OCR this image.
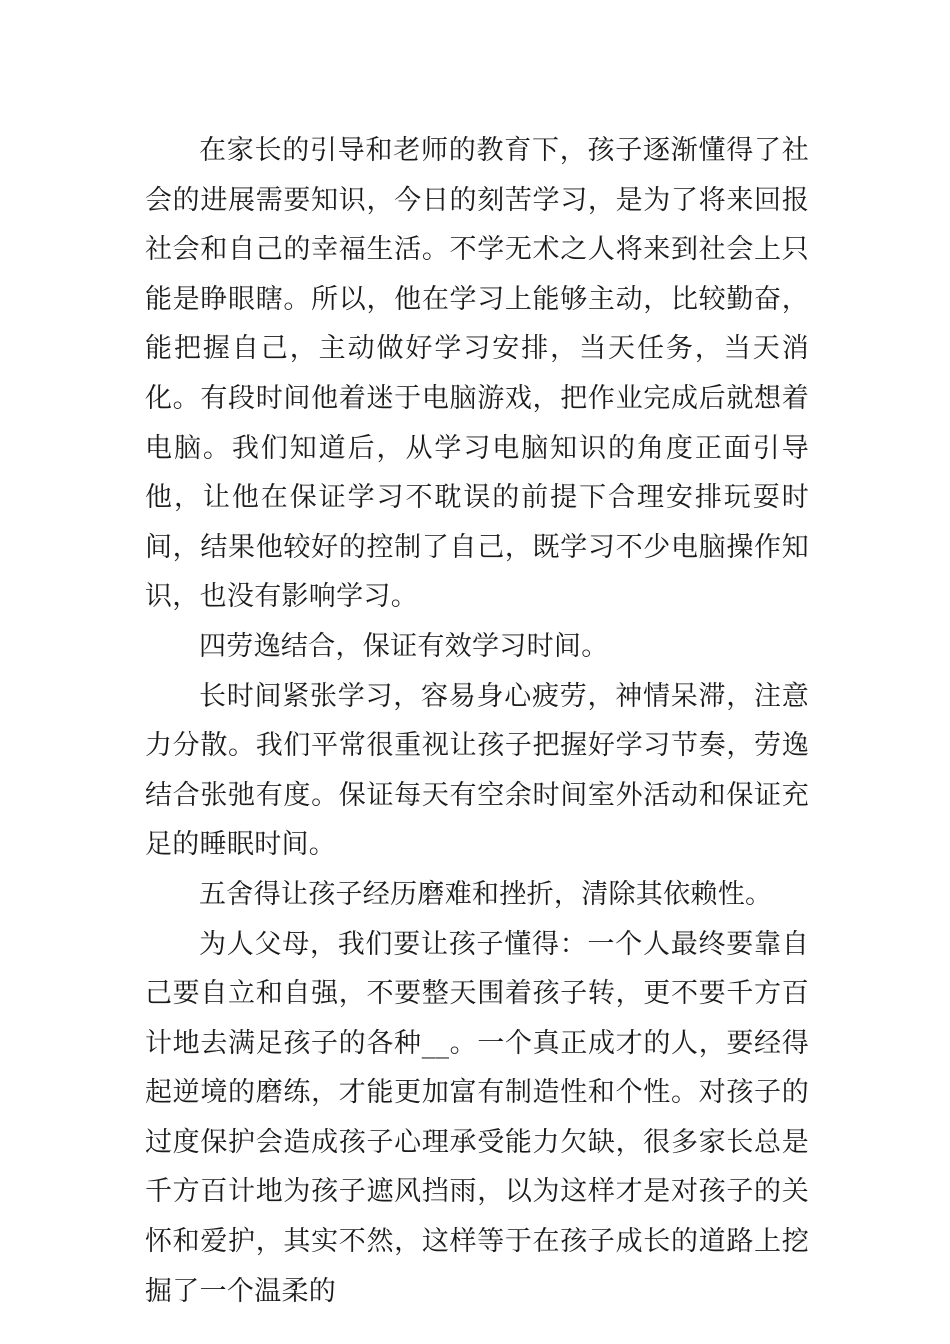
在家长的引导和老师的教育下，孩子逐渐懂得了社会的进展需要知识，今日的刻苦学习，是为了将来回报社会和自己的幸福生活。不学无术之人将来到社会上只能是睁眼瞎。所以，他在学习上能够主动，比较勤奋，能把握自己，主动做好学习安排，当天任务，当天消化。有段时间他着迷于电脑游戏，把作业完成后就想着电脑。我们知道后，从学习电脑知识的角度正面引导他，让他在保证学习不耽误的前提下合理安排玩耍时间，结果他较好的控制了自己，既学习不少电脑操作知识，也没有影响学习。

四劳逸结合，保证有效学习时间。

长时间紧张学习，容易身心疲劳，神情呆滞，注意力分散。我们平常很重视让孩子把握好学习节奏，劳逸结合张弛有度。保证每天有空余时间室外活动和保证充足的睡眠时间。

五舍得让孩子经历磨难和挫折，清除其依赖性。

为人父母，我们要让孩子懂得：一个人最终要靠自己要自立和自强，不要整天围着孩子转，更不要千方百计地去满足孩子的各种__。一个真正成才的人，要经得起逆境的磨练，才能更加富有制造性和个性。对孩子的过度保护会造成孩子心理承受能力欠缺，很多家长总是千方百计地为孩子遮风挡雨，以为这样才是对孩子的关怀和爱护，其实不然，这样等于在孩子成长的道路上挖掘了一个温柔的
